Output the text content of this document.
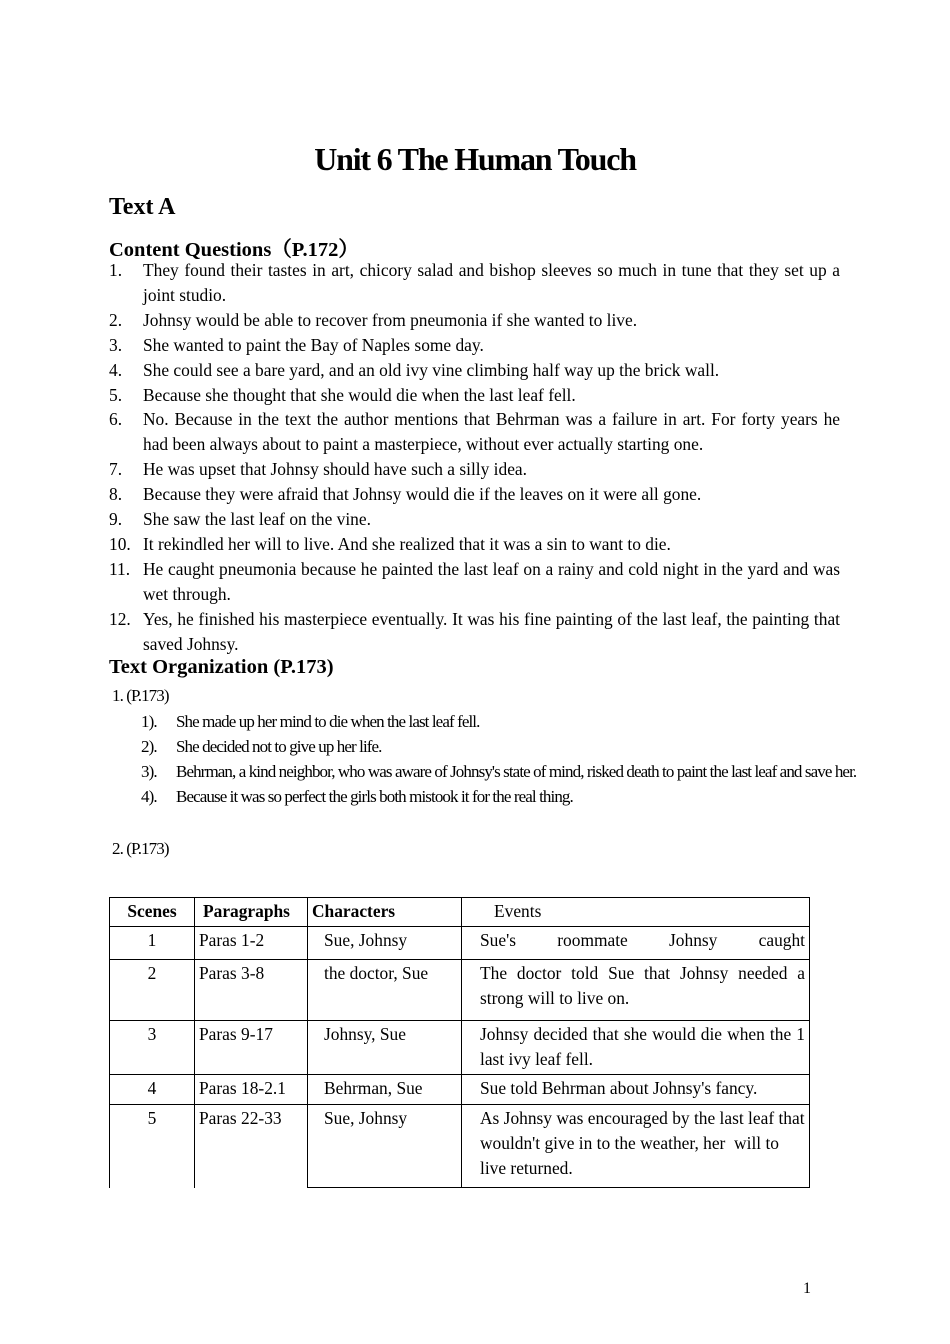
Unit 6 The Human Touch
Text A
Content Questions（P.172）
1. They found their tastes in art, chicory salad and bishop sleeves so much in tune that they set up a joint studio.
2. Johnsy would be able to recover from pneumonia if she wanted to live.
3. She wanted to paint the Bay of Naples some day.
4. She could see a bare yard, and an old ivy vine climbing half way up the brick wall.
5. Because she thought that she would die when the last leaf fell.
6. No. Because in the text the author mentions that Behrman was a failure in art. For forty years he had been always about to paint a masterpiece, without ever actually starting one.
7. He was upset that Johnsy should have such a silly idea.
8. Because they were afraid that Johnsy would die if the leaves on it were all gone.
9. She saw the last leaf on the vine.
10. It rekindled her will to live. And she realized that it was a sin to want to die.
11. He caught pneumonia because he painted the last leaf on a rainy and cold night in the yard and was wet through.
12. Yes, he finished his masterpiece eventually. It was his fine painting of the last leaf, the painting that saved Johnsy.
Text Organization (P.173)
1. (P.173)
1). She made up her mind to die when the last leaf fell.
2). She decided not to give up her life.
3). Behrman, a kind neighbor, who was aware of Johnsy's state of mind, risked death to paint the last leaf and save her.
4). Because it was so perfect the girls both mistook it for the real thing.
2. (P.173)
Scenes	Paragraphs	Characters	Events
1	Paras 1-2	Sue, Johnsy	Sue's roommate Johnsy caught
2	Paras 3-8	the doctor, Sue	The doctor told Sue that Johnsy needed a strong will to live on.
3	Paras 9-17	Johnsy, Sue	Johnsy decided that she would die when the 1 last ivy leaf fell.
4	Paras 18-2.1	Behrman, Sue	Sue told Behrman about Johnsy's fancy.
5	Paras 22-33	Sue, Johnsy	As Johnsy was encouraged by the last leaf that wouldn't give in to the weather, her  will to live returned.
1
